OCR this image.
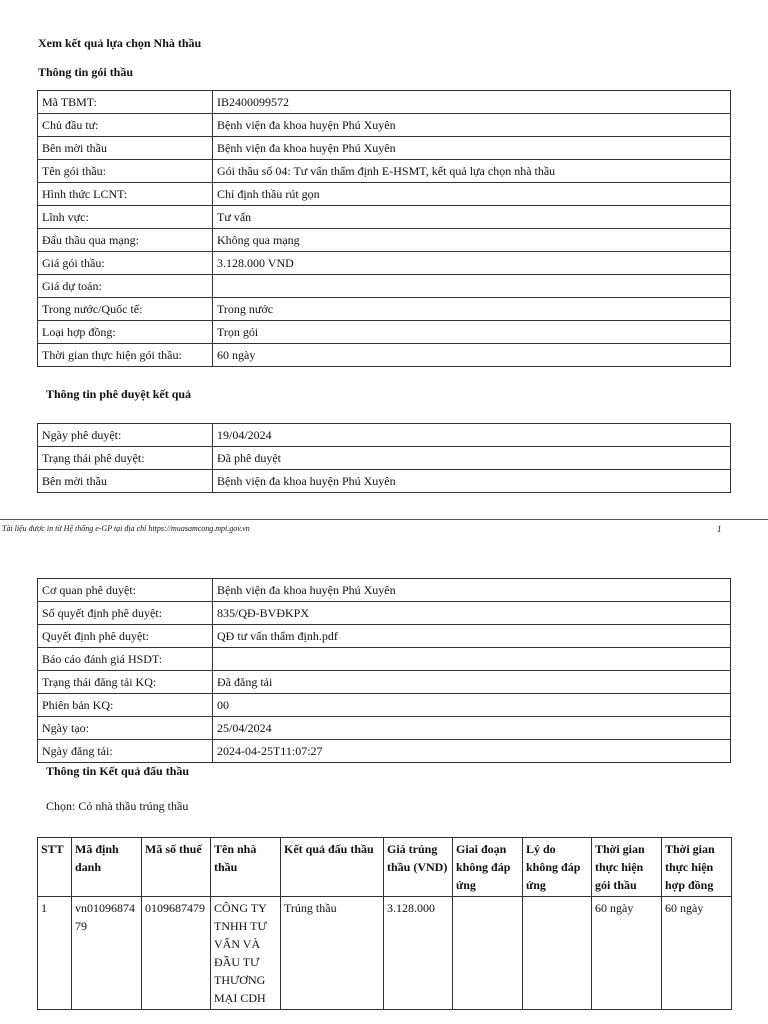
Xem kết quả lựa chọn Nhà thầu
Thông tin gói thầu
Mã TBMT:	IB2400099572
Chủ đầu tư:	Bệnh viện đa khoa huyện Phú Xuyên
Bên mời thầu	Bệnh viện đa khoa huyện Phú Xuyên
Tên gói thầu:	Gói thầu số 04: Tư vấn thẩm định E-HSMT, kết quả lựa chọn nhà thầu
Hình thức LCNT:	Chỉ định thầu rút gọn
Lĩnh vực:	Tư vấn
Đấu thầu qua mạng:	Không qua mạng
Giá gói thầu:	3.128.000 VND
Giá dự toán:	
Trong nước/Quốc tế:	Trong nước
Loại hợp đồng:	Trọn gói
Thời gian thực hiện gói thầu:	60 ngày
Thông tin phê duyệt kết quả
Ngày phê duyệt:	19/04/2024
Trạng thái phê duyệt:	Đã phê duyệt
Bên mời thầu	Bệnh viện đa khoa huyện Phú Xuyên
Tài liệu được in từ Hệ thống e-GP tại địa chỉ https://muasamcong.mpi.gov.vn	1
Cơ quan phê duyệt:	Bệnh viện đa khoa huyện Phú Xuyên
Số quyết định phê duyệt:	835/QĐ-BVĐKPX
Quyết định phê duyệt:	QĐ tư vấn thẩm định.pdf
Báo cáo đánh giá HSDT:	
Trạng thái đăng tải KQ:	Đã đăng tải
Phiên bản KQ:	00
Ngày tạo:	25/04/2024
Ngày đăng tải:	2024-04-25T11:07:27
Thông tin Kết quả đấu thầu
Chọn: Có nhà thầu trúng thầu
STT	Mã định danh	Mã số thuế	Tên nhà thầu	Kết quả đấu thầu	Giá trúng thầu (VND)	Giai đoạn không đáp ứng	Lý do không đáp ứng	Thời gian thực hiện gói thầu	Thời gian thực hiện hợp đồng
1	vn0109687479	0109687479	CÔNG TY TNHH TƯ VẤN VÀ ĐẦU TƯ THƯƠNG MẠI CDH	Trúng thầu	3.128.000			60 ngày	60 ngày
